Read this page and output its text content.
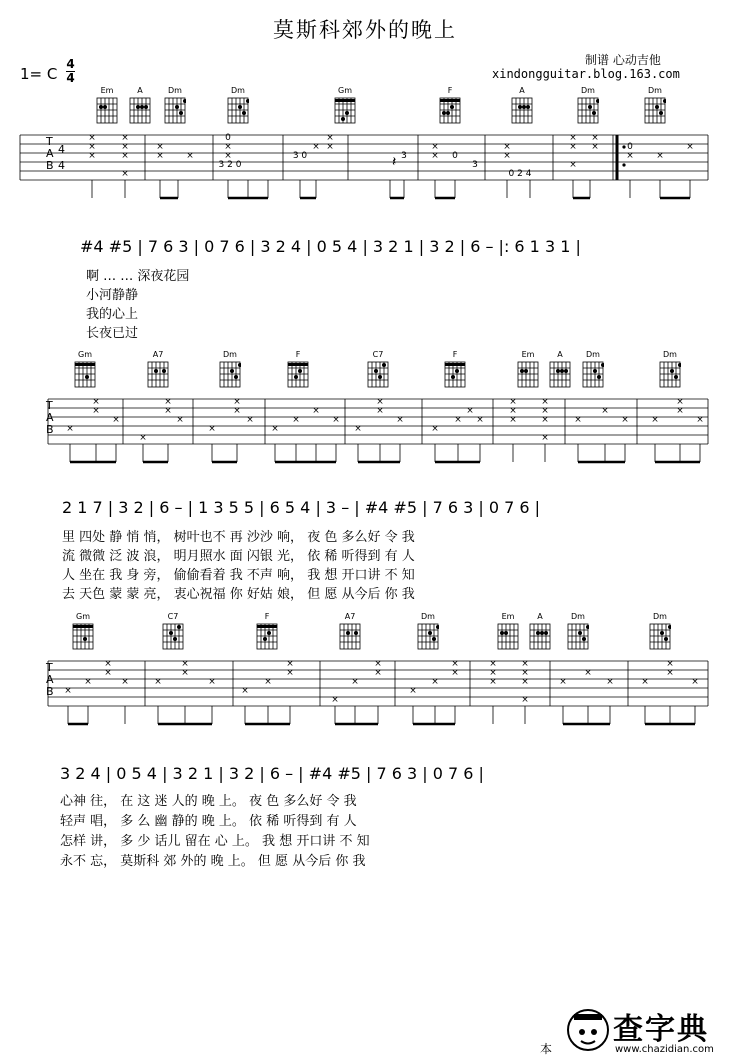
莫斯科郊外的晚上
制谱 心动吉他
xindongguitar.blog.163.com
1= C
4
4
Em	A	Dm	Dm	Gm	F	A	Dm	Dm
×
×
×
×
×
×
×
×
× ×
0
×
×
3 2 0
3 0
×
×
×
3
×
× 0
3
×
×
0 2 4
×
×
×
×
×	0
× ×
×
𝄽
T
A
B
4
4
#4 #5 | 7 6 3 | 0 7 6 | 3 2 4 | 0 5 4 | 3 2 1 | 3 2 | 6 – |: 6 1 3 1 |
啊 … … 深夜花园
小河静静
我的心上
长夜已过
Gm	A7	Dm	F	C7	F	Em	A	Dm	Dm
×
×
×
×
×
×
×
×
×
×
×
×
×
×
×
×
×
×
×
×
×
×
×
×
×
×
×
×
×
×
×
×
×
× ×
×
×
×
T
A
B
2 1 7 | 3 2 | 6 – | 1 3 5 5 | 6 5 4 | 3 – | #4 #5 | 7 6 3 | 0 7 6 |
里 四处 静 悄 悄， 树叶也不 再 沙沙 响， 夜 色 多么好 令 我
流 微微 泛 波 浪， 明月照水 面 闪银 光， 依 稀 听得到 有 人
人 坐在 我 身 旁， 偷偷看着 我 不声 响， 我 想 开口讲 不 知
去 天色 蒙 蒙 亮， 衷心祝福 你 好姑 娘， 但 愿 从今后 你 我
Gm	C7	F	A7	Dm	Em	A	Dm	Dm
×
×
×
×
×	×
×
×
×
×
×
×
×
×
×
×
×
×
×
×
×	×
×
×
×
×
×
×
×
×
×	×
×
×
×
T
A
B
3 2 4 | 0 5 4 | 3 2 1 | 3 2 | 6 – | #4 #5 | 7 6 3 | 0 7 6 |
心神 往， 在 这 迷 人的 晚 上。 夜 色 多么好 令 我
轻声 唱， 多 么 幽 静的 晚 上。 依 稀 听得到 有 人
怎样 讲， 多 少 话儿 留在 心 上。 我 想 开口讲 不 知
永不 忘， 莫斯科 郊 外的 晚 上。 但 愿 从今后 你 我
本
查字典
www.chazidian.com
